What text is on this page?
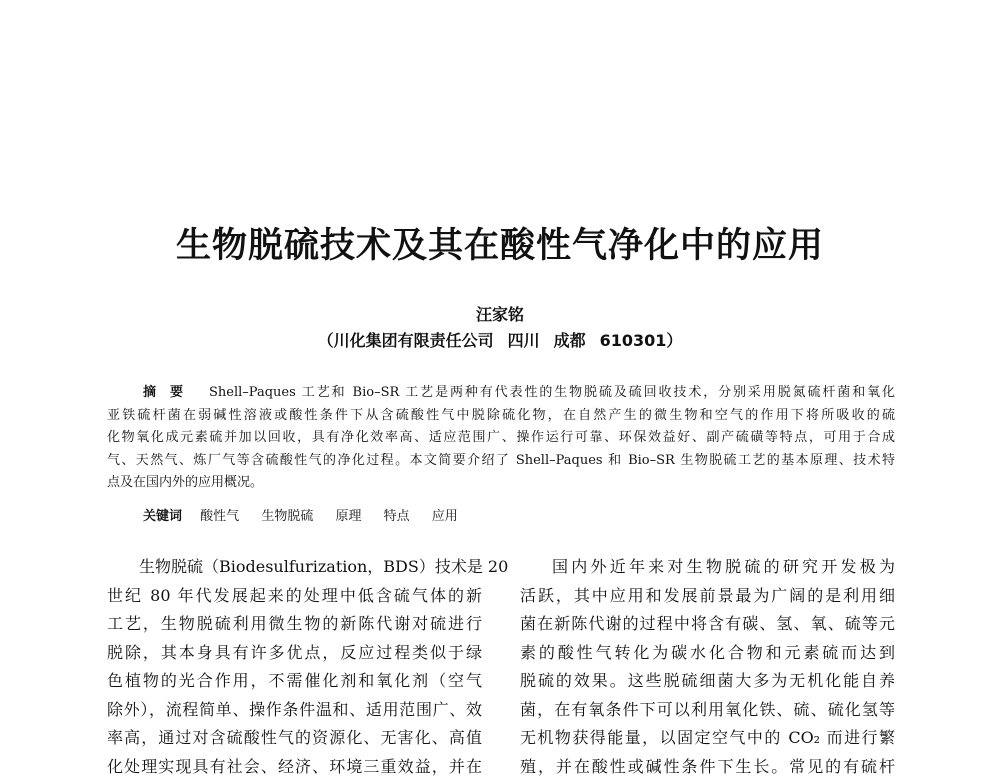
生物脱硫技术及其在酸性气净化中的应用
汪家铭
（川化集团有限责任公司 四川 成都 610301）
摘要 Shell–Paques 工艺和 Bio–SR 工艺是两种有代表性的生物脱硫及硫回收技术，分别采用脱氮硫杆菌和氧化
亚铁硫杆菌在弱碱性溶液或酸性条件下从含硫酸性气中脱除硫化物，在自然产生的微生物和空气的作用下将所吸收的硫
化物氧化成元素硫并加以回收，具有净化效率高、适应范围广、操作运行可靠、环保效益好、副产硫磺等特点，可用于合成
气、天然气、炼厂气等含硫酸性气的净化过程。本文简要介绍了 Shell–Paques 和 Bio–SR 生物脱硫工艺的基本原理、技术特
点及在国内外的应用概况。
关键词 酸性气 生物脱硫 原理 特点 应用
生物脱硫（Biodesulfurization，BDS）技术是 20
世纪 80 年代发展起来的处理中低含硫气体的新
工艺，生物脱硫利用微生物的新陈代谢对硫进行
脱除，其本身具有许多优点，反应过程类似于绿
色植物的光合作用，不需催化剂和氧化剂（空气
除外），流程简单、操作条件温和、适用范围广、效
率高，通过对含硫酸性气的资源化、无害化、高值
化处理实现具有社会、经济、环境三重效益，并在
国内外近年来对生物脱硫的研究开发极为
活跃，其中应用和发展前景最为广阔的是利用细
菌在新陈代谢的过程中将含有碳、氢、氧、硫等元
素的酸性气转化为碳水化合物和元素硫而达到
脱硫的效果。这些脱硫细菌大多为无机化能自养
菌，在有氧条件下可以利用氧化铁、硫、硫化氢等
无机物获得能量，以固定空气中的 CO₂ 而进行繁
殖，并在酸性或碱性条件下生长。常见的有硫杆
